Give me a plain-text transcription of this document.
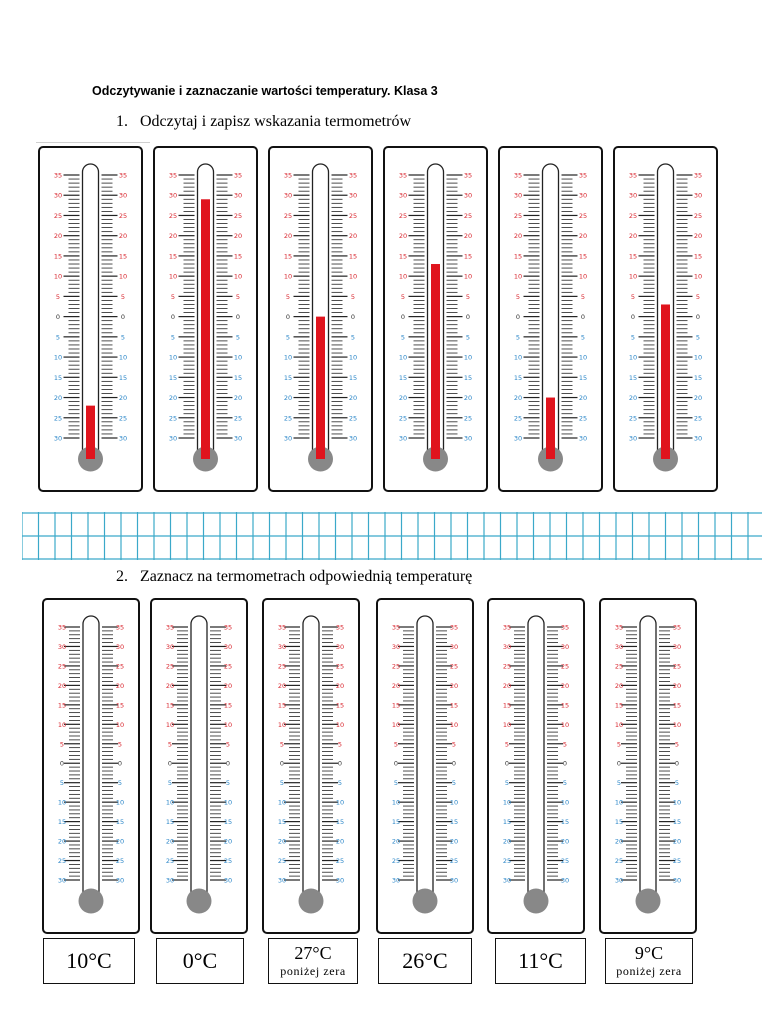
Odczytywanie i zaznaczanie wartości temperatury. Klasa 3
1. Odczytaj i zapisz wskazania termometrów
35	35
30	30
25	25
20	20
15	15
10	10
5	5
0	0
5	5
10	10
15	15
20	20
25	25
30	30
35	35
30	30
25	25
20	20
15	15
10	10
5	5
0	0
5	5
10	10
15	15
20	20
25	25
30	30
35	35
30	30
25	25
20	20
15	15
10	10
5	5
0	0
5	5
10	10
15	15
20	20
25	25
30	30
35	35
30	30
25	25
20	20
15	15
10	10
5	5
0	0
5	5
10	10
15	15
20	20
25	25
30	30
35	35
30	30
25	25
20	20
15	15
10	10
5	5
0	0
5	5
10	10
15	15
20	20
25	25
30	30
35	35
30	30
25	25
20	20
15	15
10	10
5	5
0	0
5	5
10	10
15	15
20	20
25	25
30	30
2. Zaznacz na termometrach odpowiednią temperaturę
35	35
30	30
25	25
20	20
15	15
10	10
5	5
0	0
5	5
10	10
15	15
20	20
25	25
30	30
35	35
30	30
25	25
20	20
15	15
10	10
5	5
0	0
5	5
10	10
15	15
20	20
25	25
30	30
35	35
30	30
25	25
20	20
15	15
10	10
5	5
0	0
5	5
10	10
15	15
20	20
25	25
30	30
35	35
30	30
25	25
20	20
15	15
10	10
5	5
0	0
5	5
10	10
15	15
20	20
25	25
30	30
35	35
30	30
25	25
20	20
15	15
10	10
5	5
0	0
5	5
10	10
15	15
20	20
25	25
30	30
35	35
30	30
25	25
20	20
15	15
10	10
5	5
0	0
5	5
10	10
15	15
20	20
25	25
30	30
10°C	0°C	27°C
poniżej zera	26°C	11°C	9°C
poniżej zera
